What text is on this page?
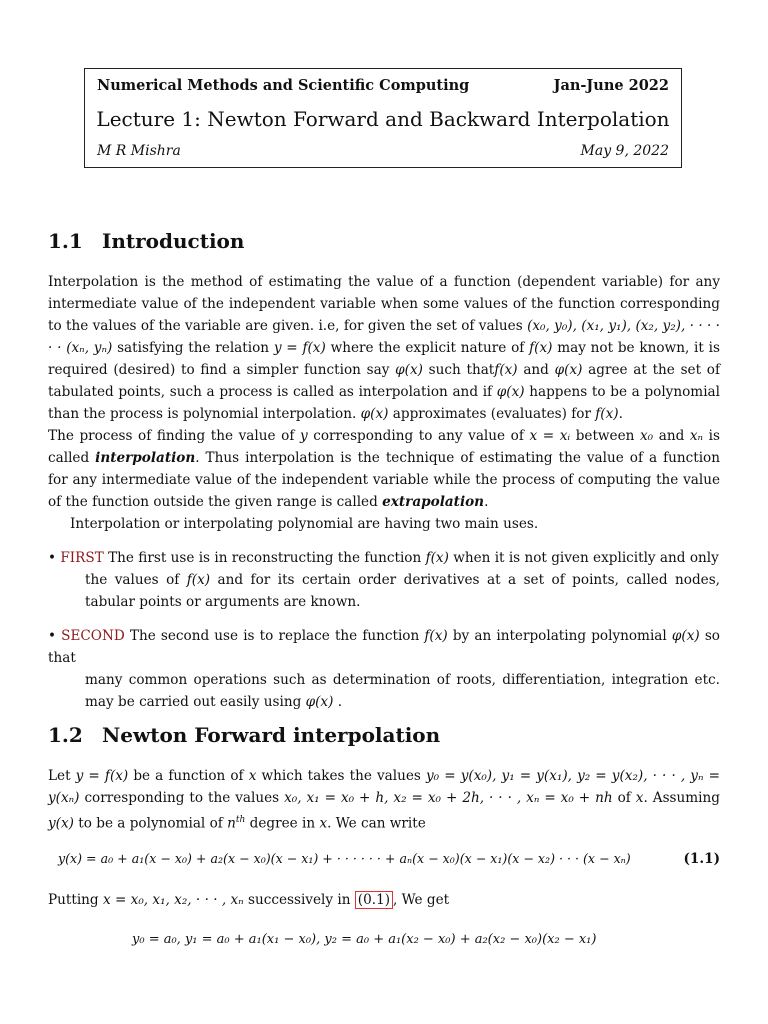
Numerical Methods and Scientific Computing	Jan-June 2022
Lecture 1: Newton Forward and Backward Interpolation
M R Mishra	May 9, 2022
1.1 Introduction

Interpolation is the method of estimating the value of a function (dependent variable) for any intermediate value of the independent variable when some values of the function corresponding to the values of the variable are given. i.e, for given the set of values (x₀, y₀), (x₁, y₁), (x₂, y₂), · · · · · · (xₙ, yₙ) satisfying the relation y = f(x) where the explicit nature of f(x) may not be known, it is required (desired) to find a simpler function say φ(x) such thatf(x) and φ(x) agree at the set of tabulated points, such a process is called as interpolation and if φ(x) happens to be a polynomial than the process is polynomial interpolation. φ(x) approximates (evaluates) for f(x).

The process of finding the value of y corresponding to any value of x = xᵢ between x₀ and xₙ is called interpolation. Thus interpolation is the technique of estimating the value of a function for any intermediate value of the independent variable while the process of computing the value of the function outside the given range is called extrapolation.

Interpolation or interpolating polynomial are having two main uses.

• FIRST The first use is in reconstructing the function f(x) when it is not given explicitly and only
the values of f(x) and for its certain order derivatives at a set of points, called nodes, tabular points or arguments are known.
• SECOND The second use is to replace the function f(x) by an interpolating polynomial φ(x) so that
many common operations such as determination of roots, differentiation, integration etc. may be carried out easily using φ(x) .
1.2 Newton Forward interpolation

Let y = f(x) be a function of x which takes the values y₀ = y(x₀), y₁ = y(x₁), y₂ = y(x₂), · · · , yₙ = y(xₙ) corresponding to the values x₀, x₁ = x₀ + h, x₂ = x₀ + 2h, · · · , xₙ = x₀ + nh of x. Assuming y(x) to be a polynomial of $n^{th}$ degree in x. We can write

y(x) = a₀ + a₁(x − x₀) + a₂(x − x₀)(x − x₁) + · · · · · · + aₙ(x − x₀)(x − x₁)(x − x₂) · · · (x − xₙ)	(1.1)

Putting x = x₀, x₁, x₂, · · · , xₙ successively in (0.1) , We get

y₀ = a₀, y₁ = a₀ + a₁(x₁ − x₀), y₂ = a₀ + a₁(x₂ − x₀) + a₂(x₂ − x₀)(x₂ − x₁)
